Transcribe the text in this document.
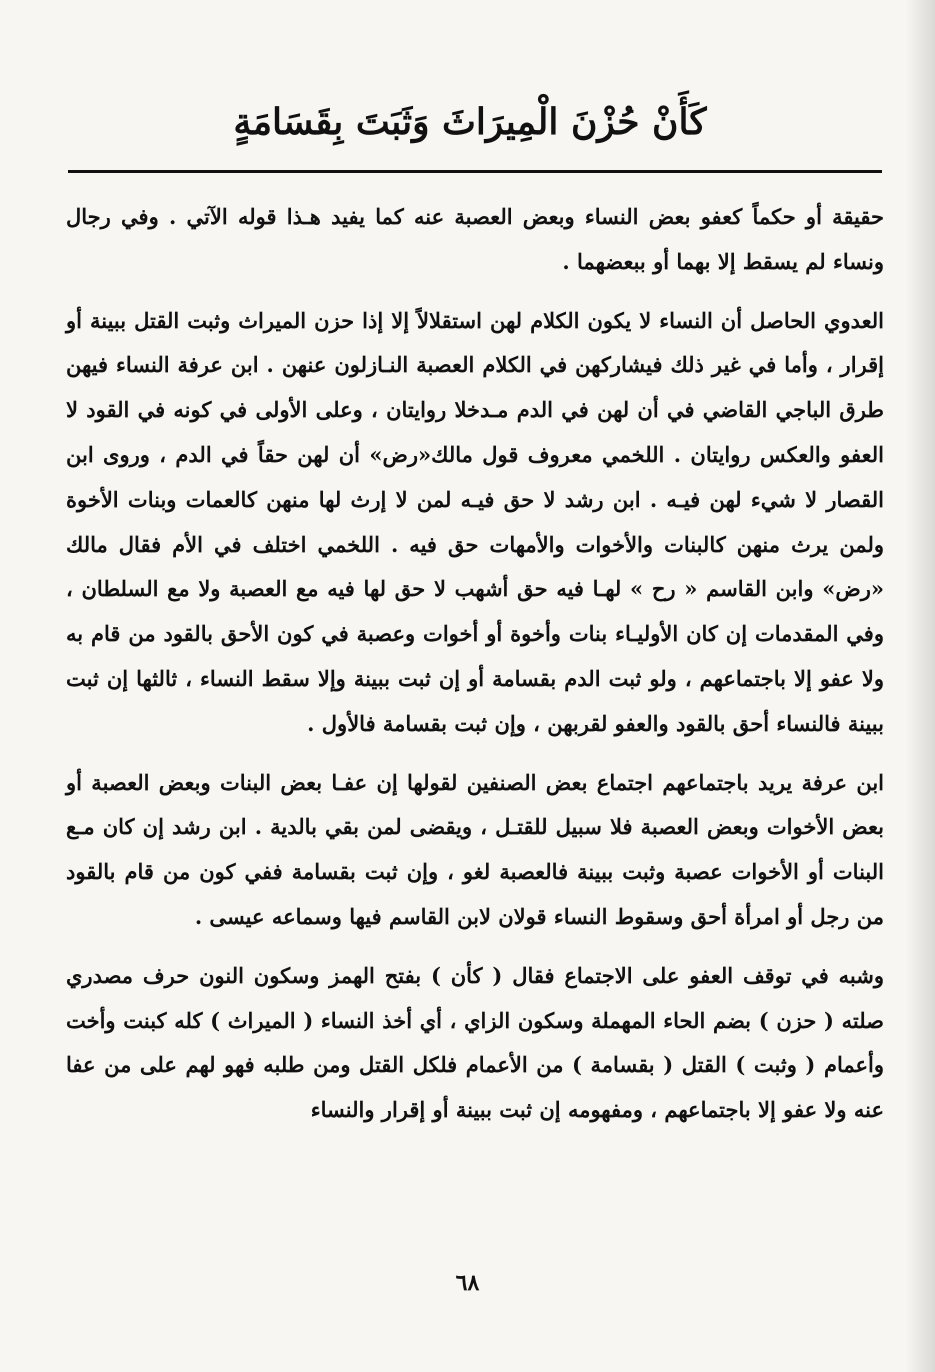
كَأَنْ حُزْنَ الْمِيرَاثَ وَثَبَتَ بِقَسَامَةٍ

حقيقة أو حكماً كعفو بعض النساء وبعض العصبة عنه كما يفيد هـذا قوله الآتي . وفي رجال ونساء لم يسقط إلا بهما أو ببعضهما .

العدوي الحاصل أن النساء لا يكون الكلام لهن استقلالاً إلا إذا حزن الميراث وثبت القتل ببينة أو إقرار ، وأما في غير ذلك فيشاركهن في الكلام العصبة النـازلون عنهن . ابن عرفة النساء فيهن طرق الباجي القاضي في أن لهن في الدم مـدخلا روايتان ، وعلى الأولى في كونه في القود لا العفو والعكس روايتان . اللخمي معروف قول مالك«رض» أن لهن حقاً في الدم ، وروى ابن القصار لا شيء لهن فيـه . ابن رشد لا حق فيـه لمن لا إرث لها منهن كالعمات وبنات الأخوة ولمن يرث منهن كالبنات والأخوات والأمهات حق فيه . اللخمي اختلف في الأم فقال مالك «رض» وابن القاسم « رح » لهـا فيه حق أشهب لا حق لها فيه مع العصبة ولا مع السلطان ، وفي المقدمات إن كان الأوليـاء بنات وأخوة أو أخوات وعصبة في كون الأحق بالقود من قام به ولا عفو إلا باجتماعهم ، ولو ثبت الدم بقسامة أو إن ثبت ببينة وإلا سقط النساء ، ثالثها إن ثبت ببينة فالنساء أحق بالقود والعفو لقربهن ، وإن ثبت بقسامة فالأول .

ابن عرفة يريد باجتماعهم اجتماع بعض الصنفين لقولها إن عفـا بعض البنات وبعض العصبة أو بعض الأخوات وبعض العصبة فلا سبيل للقتـل ، ويقضى لمن بقي بالدية . ابن رشد إن كان مـع البنات أو الأخوات عصبة وثبت ببينة فالعصبة لغو ، وإن ثبت بقسامة ففي كون من قام بالقود من رجل أو امرأة أحق وسقوط النساء قولان لابن القاسم فيها وسماعه عيسى .

وشبه في توقف العفو على الاجتماع فقال ( كأن ) بفتح الهمز وسكون النون حرف مصدري صلته ( حزن ) بضم الحاء المهملة وسكون الزاي ، أي أخذ النساء ( الميراث ) كله كبنت وأخت وأعمام ( وثبت ) القتل ( بقسامة ) من الأعمام فلكل القتل ومن طلبه فهو لهم على من عفا عنه ولا عفو إلا باجتماعهم ، ومفهومه إن ثبت ببينة أو إقرار والنساء

٦٨
